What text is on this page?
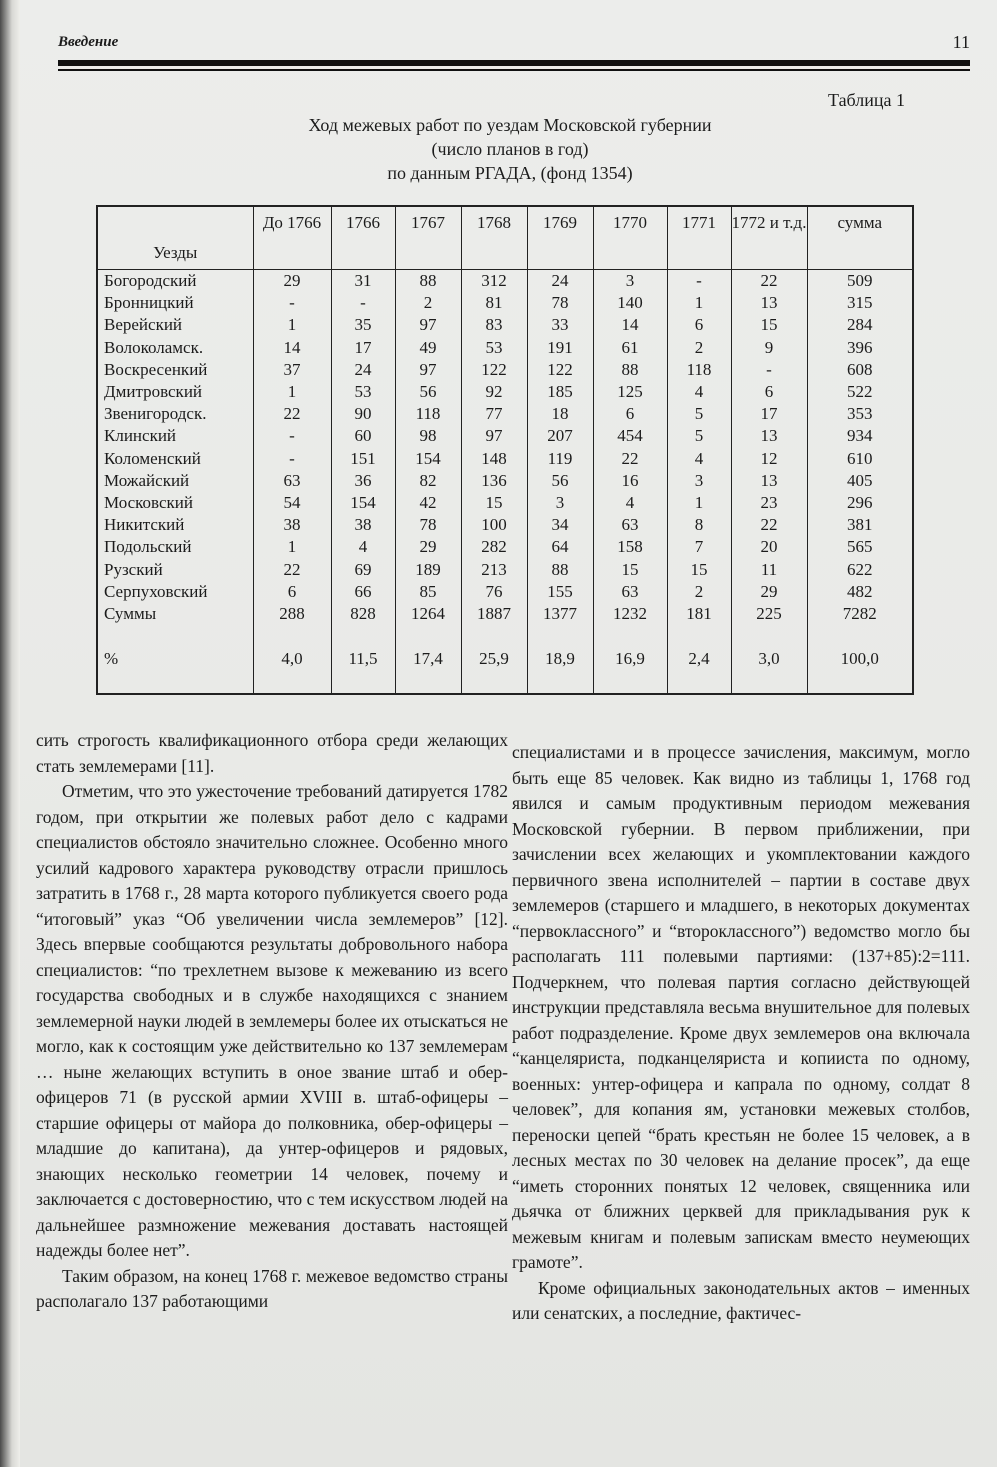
Введение	11
Таблица 1
Ход межевых работ по уездам Московской губернии
(число планов в год)
по данным РГАДА, (фонд 1354)
Уезды	До 1766	1766	1767	1768	1769	1770	1771	1772 и т.д.	сумма
Богородский	29	31	88	312	24	3	-	22	509
Бронницкий	-	-	2	81	78	140	1	13	315
Верейский	1	35	97	83	33	14	6	15	284
Волоколамск.	14	17	49	53	191	61	2	9	396
Воскресенкий	37	24	97	122	122	88	118	-	608
Дмитровский	1	53	56	92	185	125	4	6	522
Звенигородск.	22	90	118	77	18	6	5	17	353
Клинский	-	60	98	97	207	454	5	13	934
Коломенский	-	151	154	148	119	22	4	12	610
Можайский	63	36	82	136	56	16	3	13	405
Московский	54	154	42	15	3	4	1	23	296
Никитский	38	38	78	100	34	63	8	22	381
Подольский	1	4	29	282	64	158	7	20	565
Рузский	22	69	189	213	88	15	15	11	622
Серпуховский	6	66	85	76	155	63	2	29	482
Суммы	288	828	1264	1887	1377	1232	181	225	7282
%	4,0	11,5	17,4	25,9	18,9	16,9	2,4	3,0	100,0

сить строгость квалификационного отбора среди желающих стать землемерами [11].

Отметим, что это ужесточение требований датируется 1782 годом, при открытии же полевых работ дело с кадрами специалистов обстояло значительно сложнее. Особенно много усилий кадрового характера руководству отрасли пришлось затратить в 1768 г., 28 марта которого публикуется своего рода “итоговый” указ “Об увеличении числа землемеров” [12]. Здесь впервые сообщаются результаты добровольного набора специалистов: “по трехлетнем вызове к межеванию из всего государства свободных и в службе находящихся с знанием землемерной науки людей в землемеры более их отыскаться не могло, как к состоящим уже действительно ко 137 землемерам … ныне желающих вступить в оное звание штаб и обер-офицеров 71 (в русской армии XVIII в. штаб-офицеры – старшие офицеры от майора до полковника, обер-офицеры – младшие до капитана), да унтер-офицеров и рядовых, знающих несколько геометрии 14 человек, почему и заключается с достоверностию, что с тем искусством людей на дальнейшее размножение межевания доставать настоящей надежды более нет”.

Таким образом, на конец 1768 г. межевое ведомство страны располагало 137 работающими

специалистами и в процессе зачисления, максимум, могло быть еще 85 человек. Как видно из таблицы 1, 1768 год явился и самым продуктивным периодом межевания Московской губернии. В первом приближении, при зачислении всех желающих и укомплектовании каждого первичного звена исполнителей – партии в составе двух землемеров (старшего и младшего, в некоторых документах “первоклассного” и “второклассного”) ведомство могло бы располагать 111 полевыми партиями: (137+85):2=111. Подчеркнем, что полевая партия согласно действующей инструкции представляла весьма внушительное для полевых работ подразделение. Кроме двух землемеров она включала “канцеляриста, подканцеляриста и копииста по одному, военных: унтер-офицера и капрала по одному, солдат 8 человек”, для копания ям, установки межевых столбов, переноски цепей “брать крестьян не более 15 человек, а в лесных местах по 30 человек на делание просек”, да еще “иметь сторонних понятых 12 человек, священника или дьячка от ближних церквей для прикладывания рук к межевым книгам и полевым запискам вместо неумеющих грамоте”.

Кроме официальных законодательных актов – именных или сенатских, а последние, фактичес-
